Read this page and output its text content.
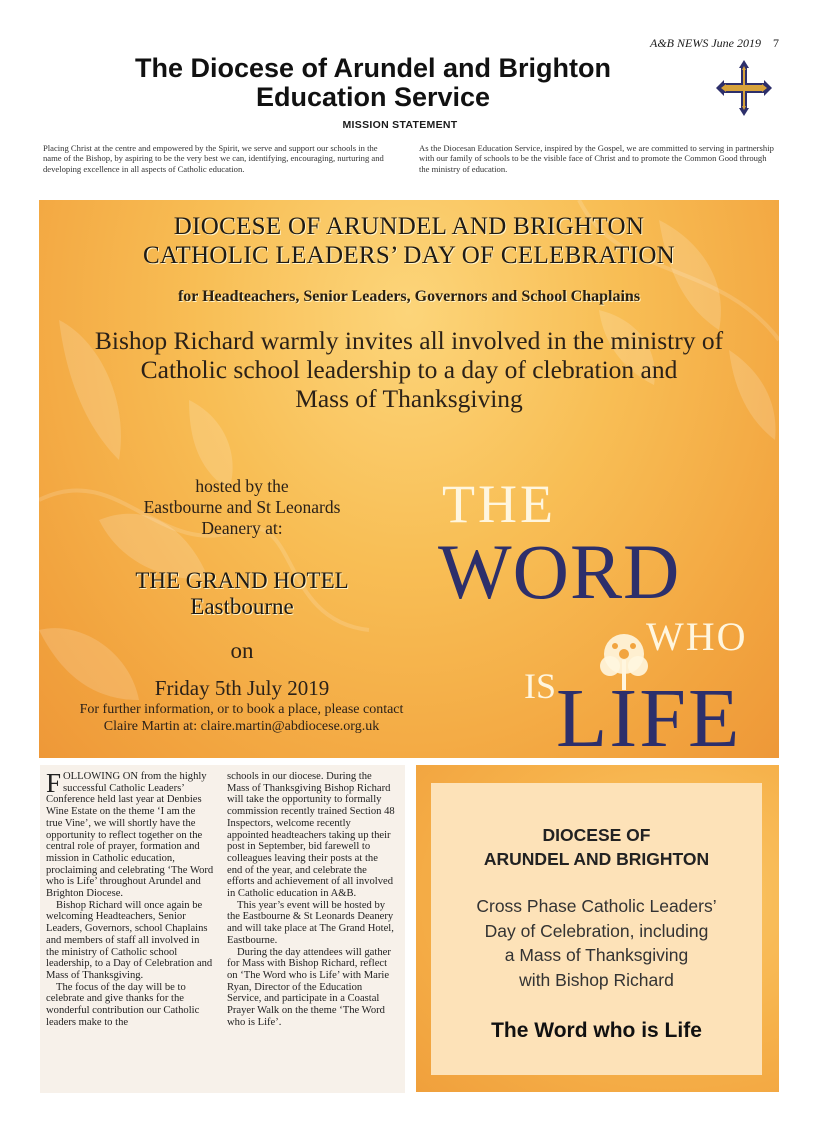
A&B NEWS June 2019 7
The Diocese of Arundel and Brighton
Education Service
MISSION STATEMENT
Placing Christ at the centre and empowered by the Spirit, we serve and support our schools in the name of the Bishop, by aspiring to be the very best we can, identifying, encouraging, nurturing and developing excellence in all aspects of Catholic education.
As the Diocesan Education Service, inspired by the Gospel, we are committed to serving in partnership with our family of schools to be the visible face of Christ and to promote the Common Good through the ministry of education.
DIOCESE OF ARUNDEL AND BRIGHTON
CATHOLIC LEADERS’ DAY OF CELEBRATION
for Headteachers, Senior Leaders, Governors and School Chaplains
Bishop Richard warmly invites all involved in the ministry of
Catholic school leadership to a day of clebration and
Mass of Thanksgiving
hosted by the
Eastbourne and St Leonards
Deanery at:
THE GRAND HOTEL
Eastbourne
on
Friday 5th July 2019
For further information, or to book a place, please contact
Claire Martin at: claire.martin@abdiocese.org.uk
THE
WORD
WHO
IS LIFE

FOLLOWING ON from the highly successful Catholic Leaders’ Conference held last year at Denbies Wine Estate on the theme ‘I am the true Vine’, we will shortly have the opportunity to reflect together on the central role of prayer, formation and mission in Catholic education, proclaiming and celebrating ‘The Word who is Life’ throughout Arundel and Brighton Diocese.

Bishop Richard will once again be welcoming Headteachers, Senior Leaders, Governors, school Chaplains and members of staff all involved in the ministry of Catholic school leadership, to a Day of Celebration and Mass of Thanksgiving.

The focus of the day will be to celebrate and give thanks for the wonderful contribution our Catholic leaders make to the

schools in our diocese. During the Mass of Thanksgiving Bishop Richard will take the opportunity to formally commission recently trained Section 48 Inspectors, welcome recently appointed headteachers taking up their post in September, bid farewell to colleagues leaving their posts at the end of the year, and celebrate the efforts and achievement of all involved in Catholic education in A&B.

This year’s event will be hosted by the Eastbourne & St Leonards Deanery and will take place at The Grand Hotel, Eastbourne.

During the day attendees will gather for Mass with Bishop Richard, reflect on ‘The Word who is Life’ with Marie Ryan, Director of the Education Service, and participate in a Coastal Prayer Walk on the theme ‘The Word who is Life’.

DIOCESE OF
ARUNDEL AND BRIGHTON
Cross Phase Catholic Leaders’
Day of Celebration, including
a Mass of Thanksgiving
with Bishop Richard
The Word who is Life
